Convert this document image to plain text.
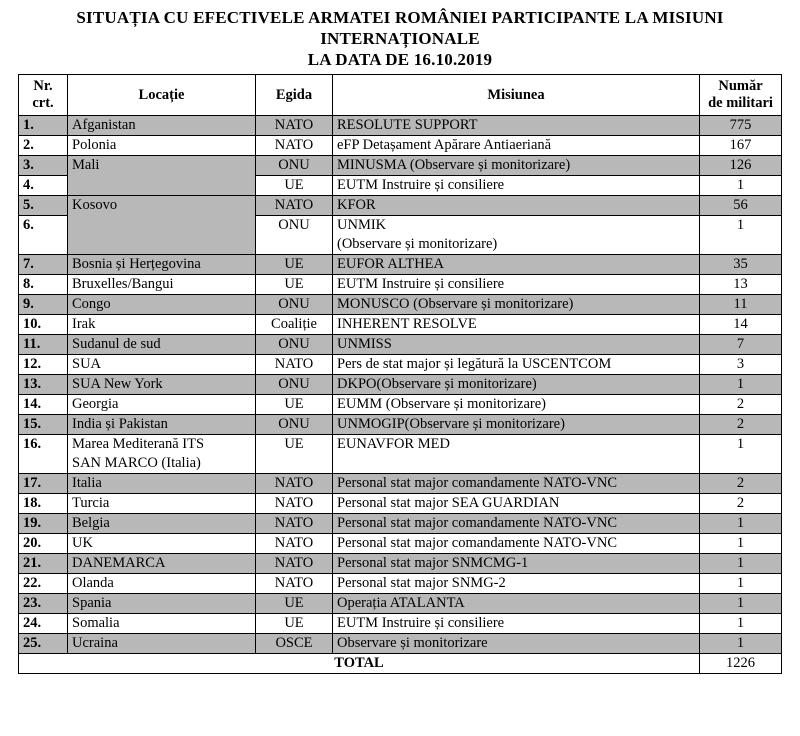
SITUAȚIA CU EFECTIVELE ARMATEI ROMÂNIEI PARTICIPANTE LA MISIUNI
INTERNAȚIONALE
LA DATA DE 16.10.2019
Nr.
crt.	Locație	Egida	Misiunea	Număr
de militari
1.	Afganistan	NATO	RESOLUTE SUPPORT	775
2.	Polonia	NATO	eFP Detașament Apărare Antiaeriană	167
3.	Mali	ONU	MINUSMA (Observare și monitorizare)	126
4.		UE	EUTM Instruire și consiliere	1
5.	Kosovo	NATO	KFOR	56
6.		ONU	UNMIK
(Observare și monitorizare)	1
7.	Bosnia și Herțegovina	UE	EUFOR ALTHEA	35
8.	Bruxelles/Bangui	UE	EUTM Instruire și consiliere	13
9.	Congo	ONU	MONUSCO (Observare și monitorizare)	11
10.	Irak	Coaliție	INHERENT RESOLVE	14
11.	Sudanul de sud	ONU	UNMISS	7
12.	SUA	NATO	Pers de stat major și legătură la USCENTCOM	3
13.	SUA New York	ONU	DKPO(Observare și monitorizare)	1
14.	Georgia	UE	EUMM (Observare și monitorizare)	2
15.	India și Pakistan	ONU	UNMOGIP(Observare și monitorizare)	2
16.	Marea Mediterană ITS
SAN MARCO (Italia)	UE	EUNAVFOR MED	1
17.	Italia	NATO	Personal stat major comandamente NATO-VNC	2
18.	Turcia	NATO	Personal stat major SEA GUARDIAN	2
19.	Belgia	NATO	Personal stat major comandamente NATO-VNC	1
20.	UK	NATO	Personal stat major comandamente NATO-VNC	1
21.	DANEMARCA	NATO	Personal stat major SNMCMG-1	1
22.	Olanda	NATO	Personal stat major SNMG-2	1
23.	Spania	UE	Operația ATALANTA	1
24.	Somalia	UE	EUTM Instruire și consiliere	1
25.	Ucraina	OSCE	Observare și monitorizare	1
TOTAL				1226
